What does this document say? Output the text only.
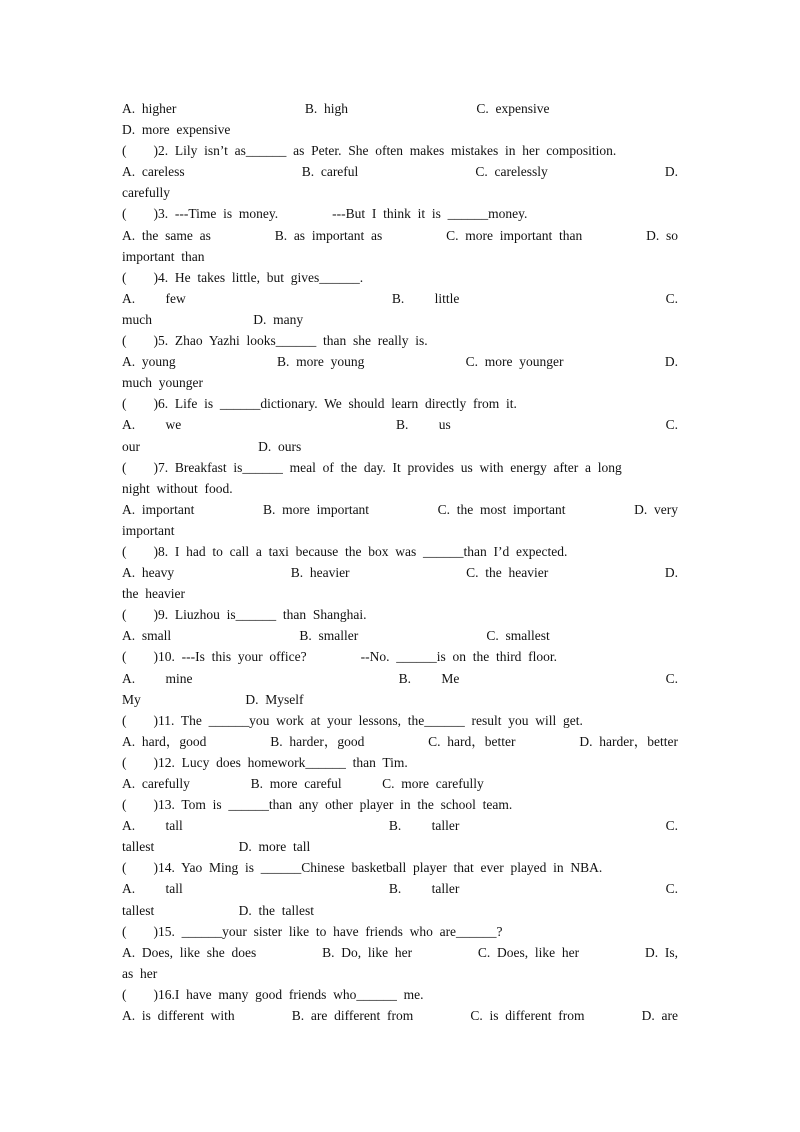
A.  higher	B.  high	C.  expensive
D.  more  expensive
(        )2.  Lily  isn’t  as______  as  Peter.  She  often  makes  mistakes  in  her  composition.
A.  careless	B.  careful	C.  carelessly	D.
carefully
(        )3.  ---Time  is  money.                ---But  I  think  it  is  ______money.
A.  the  same  as	B.  as  important  as	C.  more  important  than	D.  so
important  than
(        )4.  He  takes  little,  but  gives______.
A.         few	B.         little	C.
much                              D.  many
(        )5.  Zhao  Yazhi  looks______  than  she  really  is.
A.  young	B.  more  young	C.  more  younger	D.
much  younger
(        )6.  Life  is  ______dictionary.  We  should  learn  directly  from  it.
A.         we	B.         us	C.
our                                   D.  ours
(        )7.  Breakfast  is______  meal  of  the  day.  It  provides  us  with  energy  after  a  long
night  without  food.
A.  important	B.  more  important	C.  the  most  important	D.  very
important
(        )8.  I  had  to  call  a  taxi  because  the  box  was  ______than  I’d  expected.
A.  heavy	B.  heavier	C.  the  heavier	D.
the  heavier
(        )9.  Liuzhou  is______  than  Shanghai.
A.  small	B.  smaller	C.  smallest
(        )10.  ---Is  this  your  office?                --No.  ______is  on  the  third  floor.
A.         mine	B.         Me	C.
My                               D.  Myself
(        )11.  The  ______you  work  at  your  lessons,  the______  result  you  will  get.
A.  hard，good	B.  harder，good	C.  hard，better	D.  harder，better
(        )12.  Lucy  does  homework______  than  Tim.
A.  carefully                  B.  more  careful            C.  more  carefully
(        )13.  Tom  is  ______than  any  other  player  in  the  school  team.
A.         tall	B.         taller	C.
tallest                         D.  more  tall
(        )14.  Yao  Ming  is  ______Chinese  basketball  player  that  ever  played  in  NBA.
A.         tall	B.         taller	C.
tallest                         D.  the  tallest
(        )15.  ______your  sister  like  to  have  friends  who  are______?
A.  Does,  like  she  does	B.  Do,  like  her	C.  Does,  like  her	D.  Is,
as  her
(        )16.I  have  many  good  friends  who______  me.
A.  is  different  with	B.  are  different  from	C.  is  different  from	D.  are
